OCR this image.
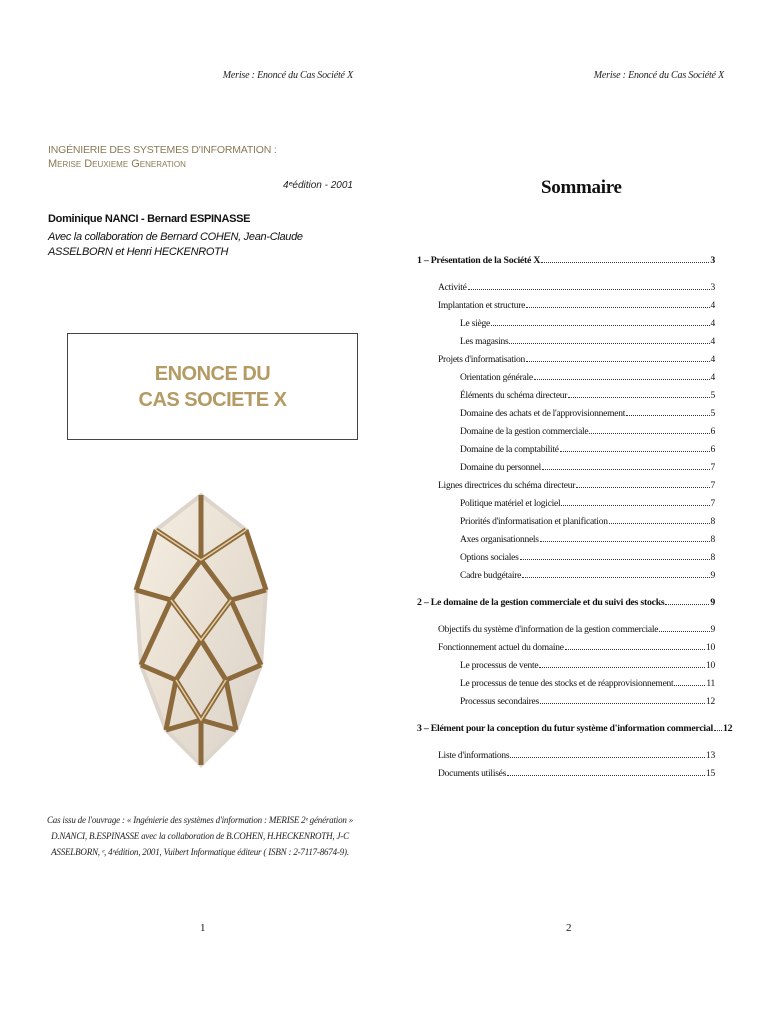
Merise : Enoncé du Cas Société X
INGÉNIERIE DES SYSTEMES D'INFORMATION :
Merise Deuxieme Generation
4ᵉédition - 2001
Dominique NANCI - Bernard ESPINASSE
Avec la collaboration de Bernard COHEN, Jean-Claude ASSELBORN et Henri HECKENROTH
ENONCE DU
CAS SOCIETE X
Cas issu de l'ouvrage : « Ingénierie des systèmes d'information : MERISE 2ᵉ génération » D.NANCI, B.ESPINASSE avec la collaboration de B.COHEN, H.HECKENROTH, J-C ASSELBORN, ᵉ, 4ᵉédition, 2001, Vuibert Informatique éditeur ( ISBN : 2-7117-8674-9).
1
Merise : Enoncé du Cas Société X
Sommaire
1 – Présentation de la Société X	3
Activité	3
Implantation et structure	4
Le siège	4
Les magasins	4
Projets d'informatisation	4
Orientation générale	4
Éléments du schéma directeur	5
Domaine des achats et de l'approvisionnement	5
Domaine de la gestion commerciale	6
Domaine de la comptabilité	6
Domaine du personnel	7
Lignes directrices du schéma directeur	7
Politique matériel et logiciel	7
Priorités d'informatisation et planification	8
Axes organisationnels	8
Options sociales	8
Cadre budgétaire	9
2 – Le domaine de la gestion commerciale et du suivi des stocks	9
Objectifs du système d'information de la gestion commerciale	9
Fonctionnement actuel du domaine	10
Le processus de vente	10
Le processus de tenue des stocks et de réapprovisionnement	11
Processus secondaires	12
3 – Elément pour la conception du futur système d'information commercial 12
Liste d'informations	13
Documents utilisés	15
2
